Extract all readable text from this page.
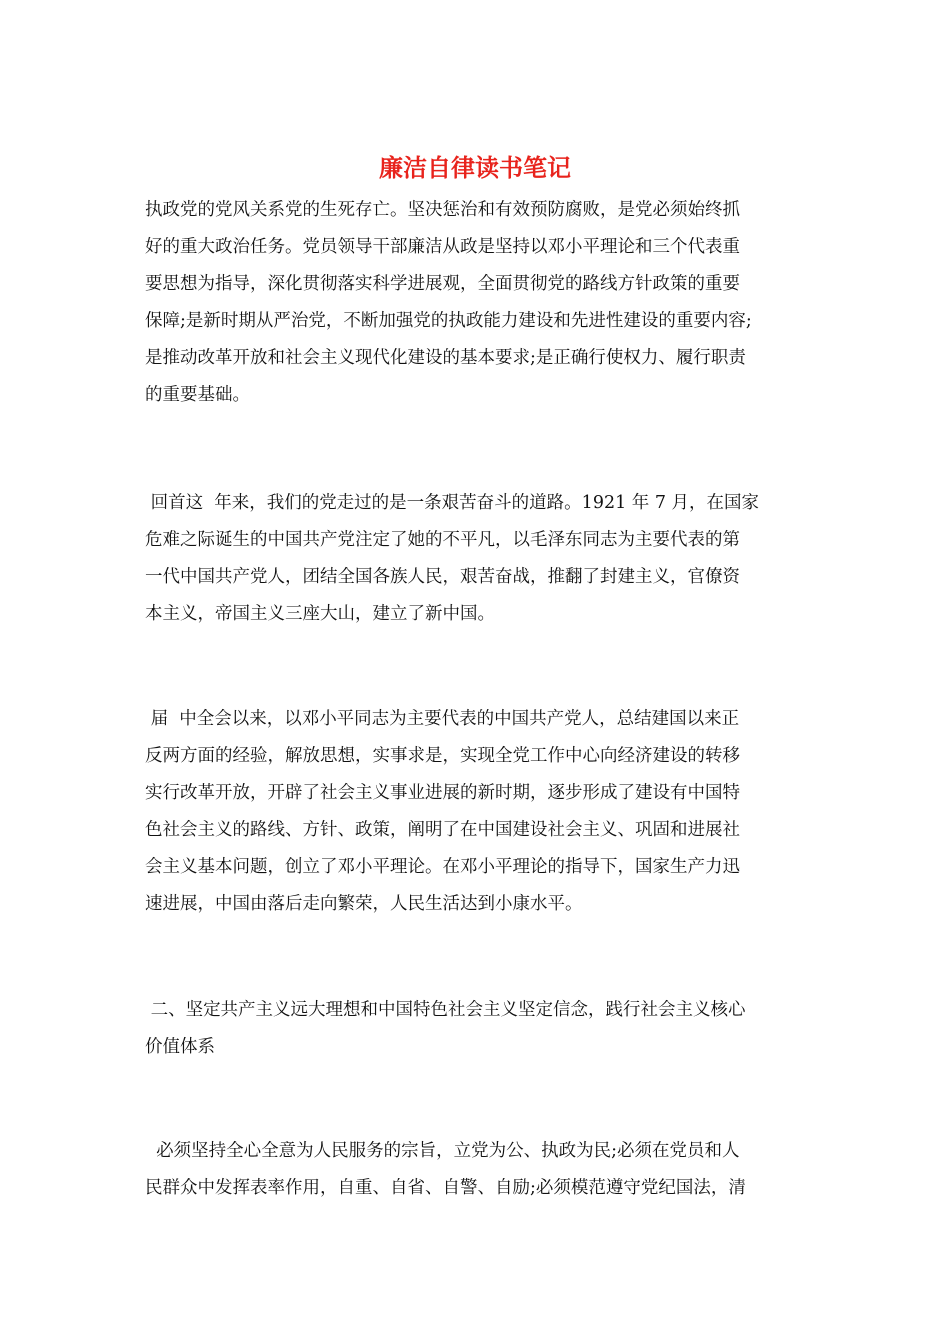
廉洁自律读书笔记
执政党的党风关系党的生死存亡。坚决惩治和有效预防腐败，是党必须始终抓
好的重大政治任务。党员领导干部廉洁从政是坚持以邓小平理论和三个代表重
要思想为指导，深化贯彻落实科学进展观，全面贯彻党的路线方针政策的重要
保障;是新时期从严治党，不断加强党的执政能力建设和先进性建设的重要内容;
是推动改革开放和社会主义现代化建设的基本要求;是正确行使权力、履行职责
的重要基础。
回首这  年来，我们的党走过的是一条艰苦奋斗的道路。1921 年 7 月，在国家
危难之际诞生的中国共产党注定了她的不平凡，以毛泽东同志为主要代表的第
一代中国共产党人，团结全国各族人民，艰苦奋战，推翻了封建主义，官僚资
本主义，帝国主义三座大山，建立了新中国。
届  中全会以来，以邓小平同志为主要代表的中国共产党人，总结建国以来正
反两方面的经验，解放思想，实事求是，实现全党工作中心向经济建设的转移
实行改革开放，开辟了社会主义事业进展的新时期，逐步形成了建设有中国特
色社会主义的路线、方针、政策，阐明了在中国建设社会主义、巩固和进展社
会主义基本问题，创立了邓小平理论。在邓小平理论的指导下，国家生产力迅
速进展，中国由落后走向繁荣，人民生活达到小康水平。
二、坚定共产主义远大理想和中国特色社会主义坚定信念，践行社会主义核心
价值体系
必须坚持全心全意为人民服务的宗旨，立党为公、执政为民;必须在党员和人
民群众中发挥表率作用，自重、自省、自警、自励;必须模范遵守党纪国法，清
